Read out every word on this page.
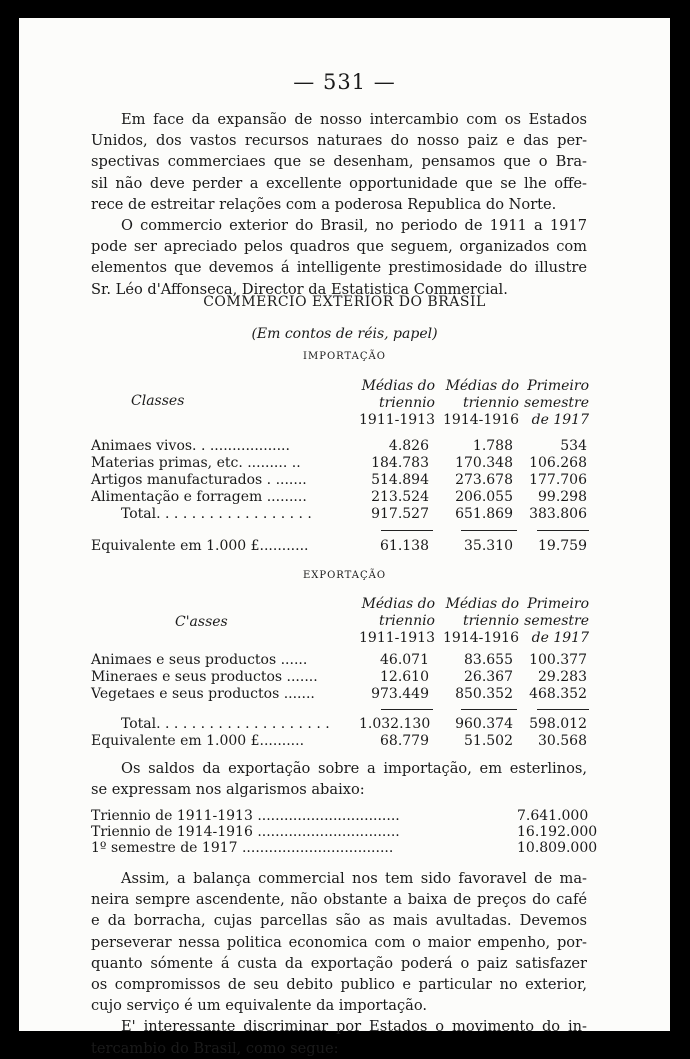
— 531 —

Em face da expansão de nosso intercambio com os Estados
Unidos, dos vastos recursos naturaes do nosso paiz e das per-
spectivas commerciaes que se desenham, pensamos que o Bra-
sil não deve perder a excellente opportunidade que se lhe offe-
rece de estreitar relações com a poderosa Republica do Norte.
O commercio exterior do Brasil, no periodo de 1911 a 1917
pode ser apreciado pelos quadros que seguem, organizados com
elementos que devemos á intelligente prestimosidade do illustre
Sr. Léo d'Affonseca, Director da Estatistica Commercial.

COMMERCIO EXTERIOR DO BRASIL
(Em contos de réis, papel)
IMPORTAÇÃO
Classes
Médias do
triennio
1911-1913
Médias do
triennio
1914-1916
Primeiro
semestre
de 1917
Animaes vivos. . ..................	4.826	1.788	534
Materias primas, etc. ......... ..	184.783	170.348	106.268
Artigos manufacturados . .......	514.894	273.678	177.706
Alimentação e forragem .........	213.524	206.055	99.298
Total. . . . . . . . . . . . . . . . . .	917.527	651.869	383.806
Equivalente em 1.000 £...........	61.138	35.310	19.759
EXPORTAÇÃO
C'asses
Médias do
triennio
1911-1913
Médias do
triennio
1914-1916
Primeiro
semestre
de 1917
Animaes e seus productos ......	46.071	83.655	100.377
Mineraes e seus productos .......	12.610	26.367	29.283
Vegetaes e seus productos .......	973.449	850.352	468.352
Total. . . . . . . . . . . . . . . . . . . . 1.032.130	960.374	598.012
Equivalente em 1.000 £..........	68.779	51.502	30.568

Os saldos da exportação sobre a importação, em esterlinos,
se expressam nos algarismos abaixo:

Triennio de 1911-1913 ................................	7.641.000
Triennio de 1914-1916 ................................	16.192.000
1º semestre de 1917 ..................................	10.809.000

Assim, a balança commercial nos tem sido favoravel de ma-
neira sempre ascendente, não obstante a baixa de preços do café
e da borracha, cujas parcellas são as mais avultadas. Devemos
perseverar nessa politica economica com o maior empenho, por-
quanto sómente á custa da exportação poderá o paiz satisfazer
os compromissos de seu debito publico e particular no exterior,
cujo serviço é um equivalente da importação.
E' interessante discriminar por Estados o movimento do in-
tercambio do Brasil, como segue:
